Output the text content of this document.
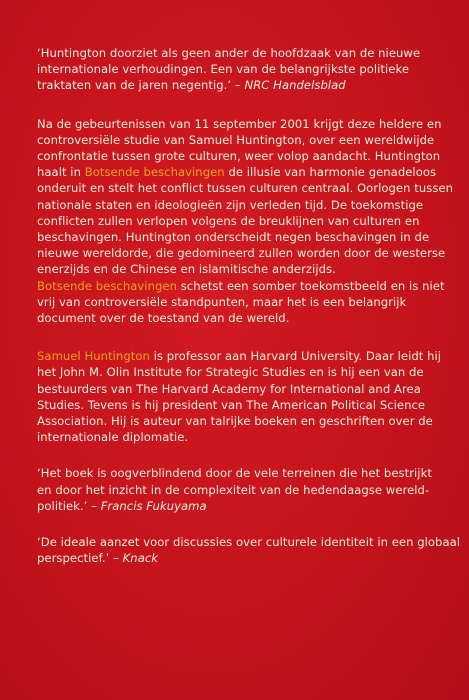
‘Huntington doorziet als geen ander de hoofdzaak van de nieuwe

internationale verhoudingen. Een van de belangrijkste politieke

traktaten van de jaren negentig.’ – NRC Handelsblad

Na de gebeurtenissen van 11 september 2001 krijgt deze heldere en

controversiële studie van Samuel Huntington, over een wereldwijde

confrontatie tussen grote culturen, weer volop aandacht. Huntington

haalt in Botsende beschavingen de illusie van harmonie genadeloos

onderuit en stelt het conflict tussen culturen centraal. Oorlogen tussen

nationale staten en ideologieën zijn verleden tijd. De toekomstige

conflicten zullen verlopen volgens de breuklijnen van culturen en

beschavingen. Huntington onderscheidt negen beschavingen in de

nieuwe wereldorde, die gedomineerd zullen worden door de westerse

enerzijds en de Chinese en islamitische anderzijds.

Botsende beschavingen schetst een somber toekomstbeeld en is niet

vrij van controversiële standpunten, maar het is een belangrijk

document over de toestand van de wereld.

Samuel Huntington is professor aan Harvard University. Daar leidt hij

het John M. Olin Institute for Strategic Studies en is hij een van de

bestuurders van The Harvard Academy for International and Area

Studies. Tevens is hij president van The American Political Science

Association. Hij is auteur van talrijke boeken en geschriften over de

internationale diplomatie.

‘Het boek is oogverblindend door de vele terreinen die het bestrijkt

en door het inzicht in de complexiteit van de hedendaagse wereld-

politiek.’ – Francis Fukuyama

‘De ideale aanzet voor discussies over culturele identiteit in een globaal

perspectief.’ – Knack
